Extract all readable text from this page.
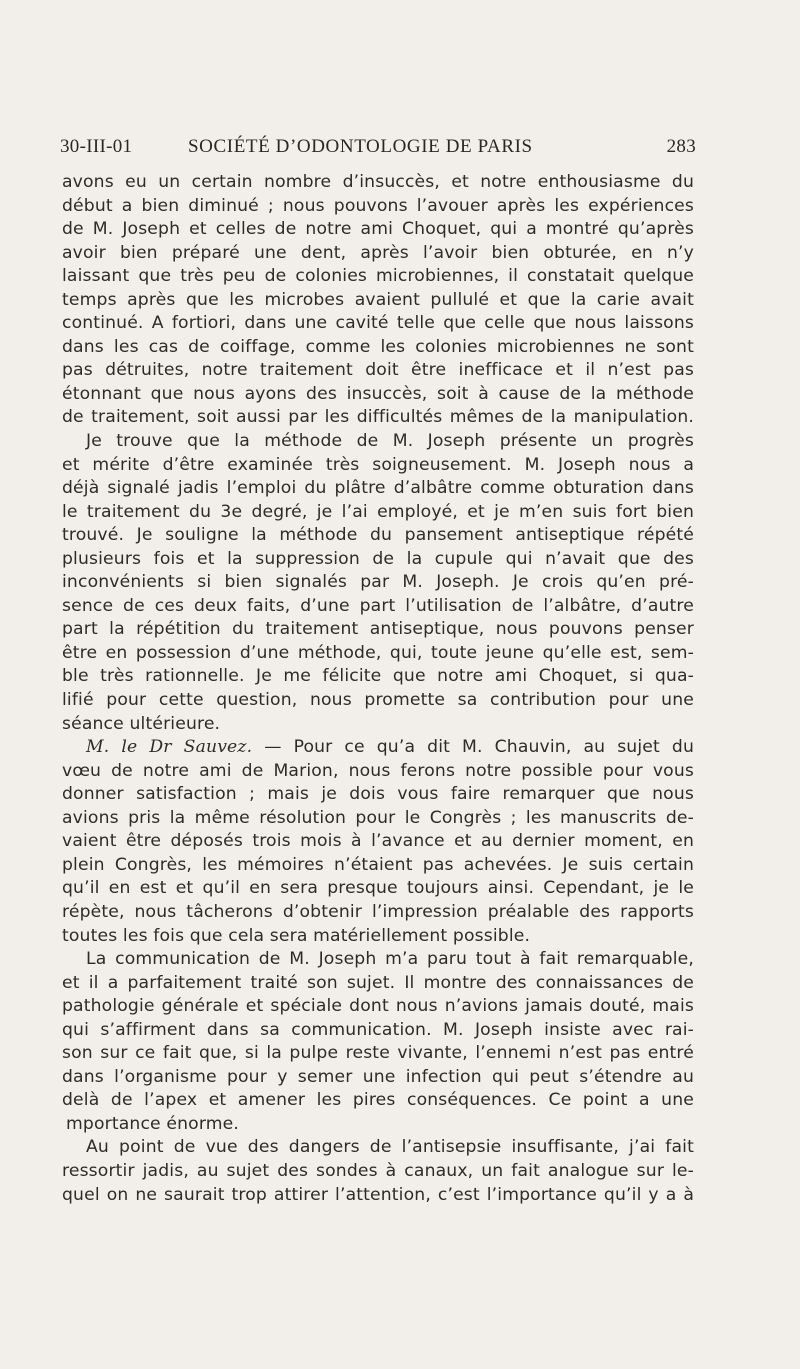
30-III-01	SOCIÉTÉ D’ODONTOLOGIE DE PARIS	283

avons eu un certain nombre d’insuccès, et notre enthousiasme du
début a bien diminué ; nous pouvons l’avouer après les expériences
de M. Joseph et celles de notre ami Choquet, qui a montré qu’après
avoir bien préparé une dent, après l’avoir bien obturée, en n’y
laissant que très peu de colonies microbiennes, il constatait quelque
temps après que les microbes avaient pullulé et que la carie avait
continué. A fortiori, dans une cavité telle que celle que nous laissons
dans les cas de coiffage, comme les colonies microbiennes ne sont
pas détruites, notre traitement doit être inefficace et il n’est pas
étonnant que nous ayons des insuccès, soit à cause de la méthode
de traitement, soit aussi par les difficultés mêmes de la manipulation.

Je trouve que la méthode de M. Joseph présente un progrès
et mérite d’être examinée très soigneusement. M. Joseph nous a
déjà signalé jadis l’emploi du plâtre d’albâtre comme obturation dans
le traitement du 3e degré, je l’ai employé, et je m’en suis fort bien
trouvé. Je souligne la méthode du pansement antiseptique répété
plusieurs fois et la suppression de la cupule qui n’avait que des
inconvénients si bien signalés par M. Joseph. Je crois qu’en pré-
sence de ces deux faits, d’une part l’utilisation de l’albâtre, d’autre
part la répétition du traitement antiseptique, nous pouvons penser
être en possession d’une méthode, qui, toute jeune qu’elle est, sem-
ble très rationnelle. Je me félicite que notre ami Choquet, si qua-
lifié pour cette question, nous promette sa contribution pour une
séance ultérieure.

M. le Dr Sauvez. — Pour ce qu’a dit M. Chauvin, au sujet du
vœu de notre ami de Marion, nous ferons notre possible pour vous
donner satisfaction ; mais je dois vous faire remarquer que nous
avions pris la même résolution pour le Congrès ; les manuscrits de-
vaient être déposés trois mois à l’avance et au dernier moment, en
plein Congrès, les mémoires n’étaient pas achevées. Je suis certain
qu’il en est et qu’il en sera presque toujours ainsi. Cependant, je le
répète, nous tâcherons d’obtenir l’impression préalable des rapports
toutes les fois que cela sera matériellement possible.

La communication de M. Joseph m’a paru tout à fait remarquable,
et il a parfaitement traité son sujet. Il montre des connaissances de
pathologie générale et spéciale dont nous n’avions jamais douté, mais
qui s’affirment dans sa communication. M. Joseph insiste avec rai-
son sur ce fait que, si la pulpe reste vivante, l’ennemi n’est pas entré
dans l’organisme pour y semer une infection qui peut s’étendre au
delà de l’apex et amener les pires conséquences. Ce point a une
mportance énorme.

Au point de vue des dangers de l’antisepsie insuffisante, j’ai fait
ressortir jadis, au sujet des sondes à canaux, un fait analogue sur le-
quel on ne saurait trop attirer l’attention, c’est l’importance qu’il y a à
